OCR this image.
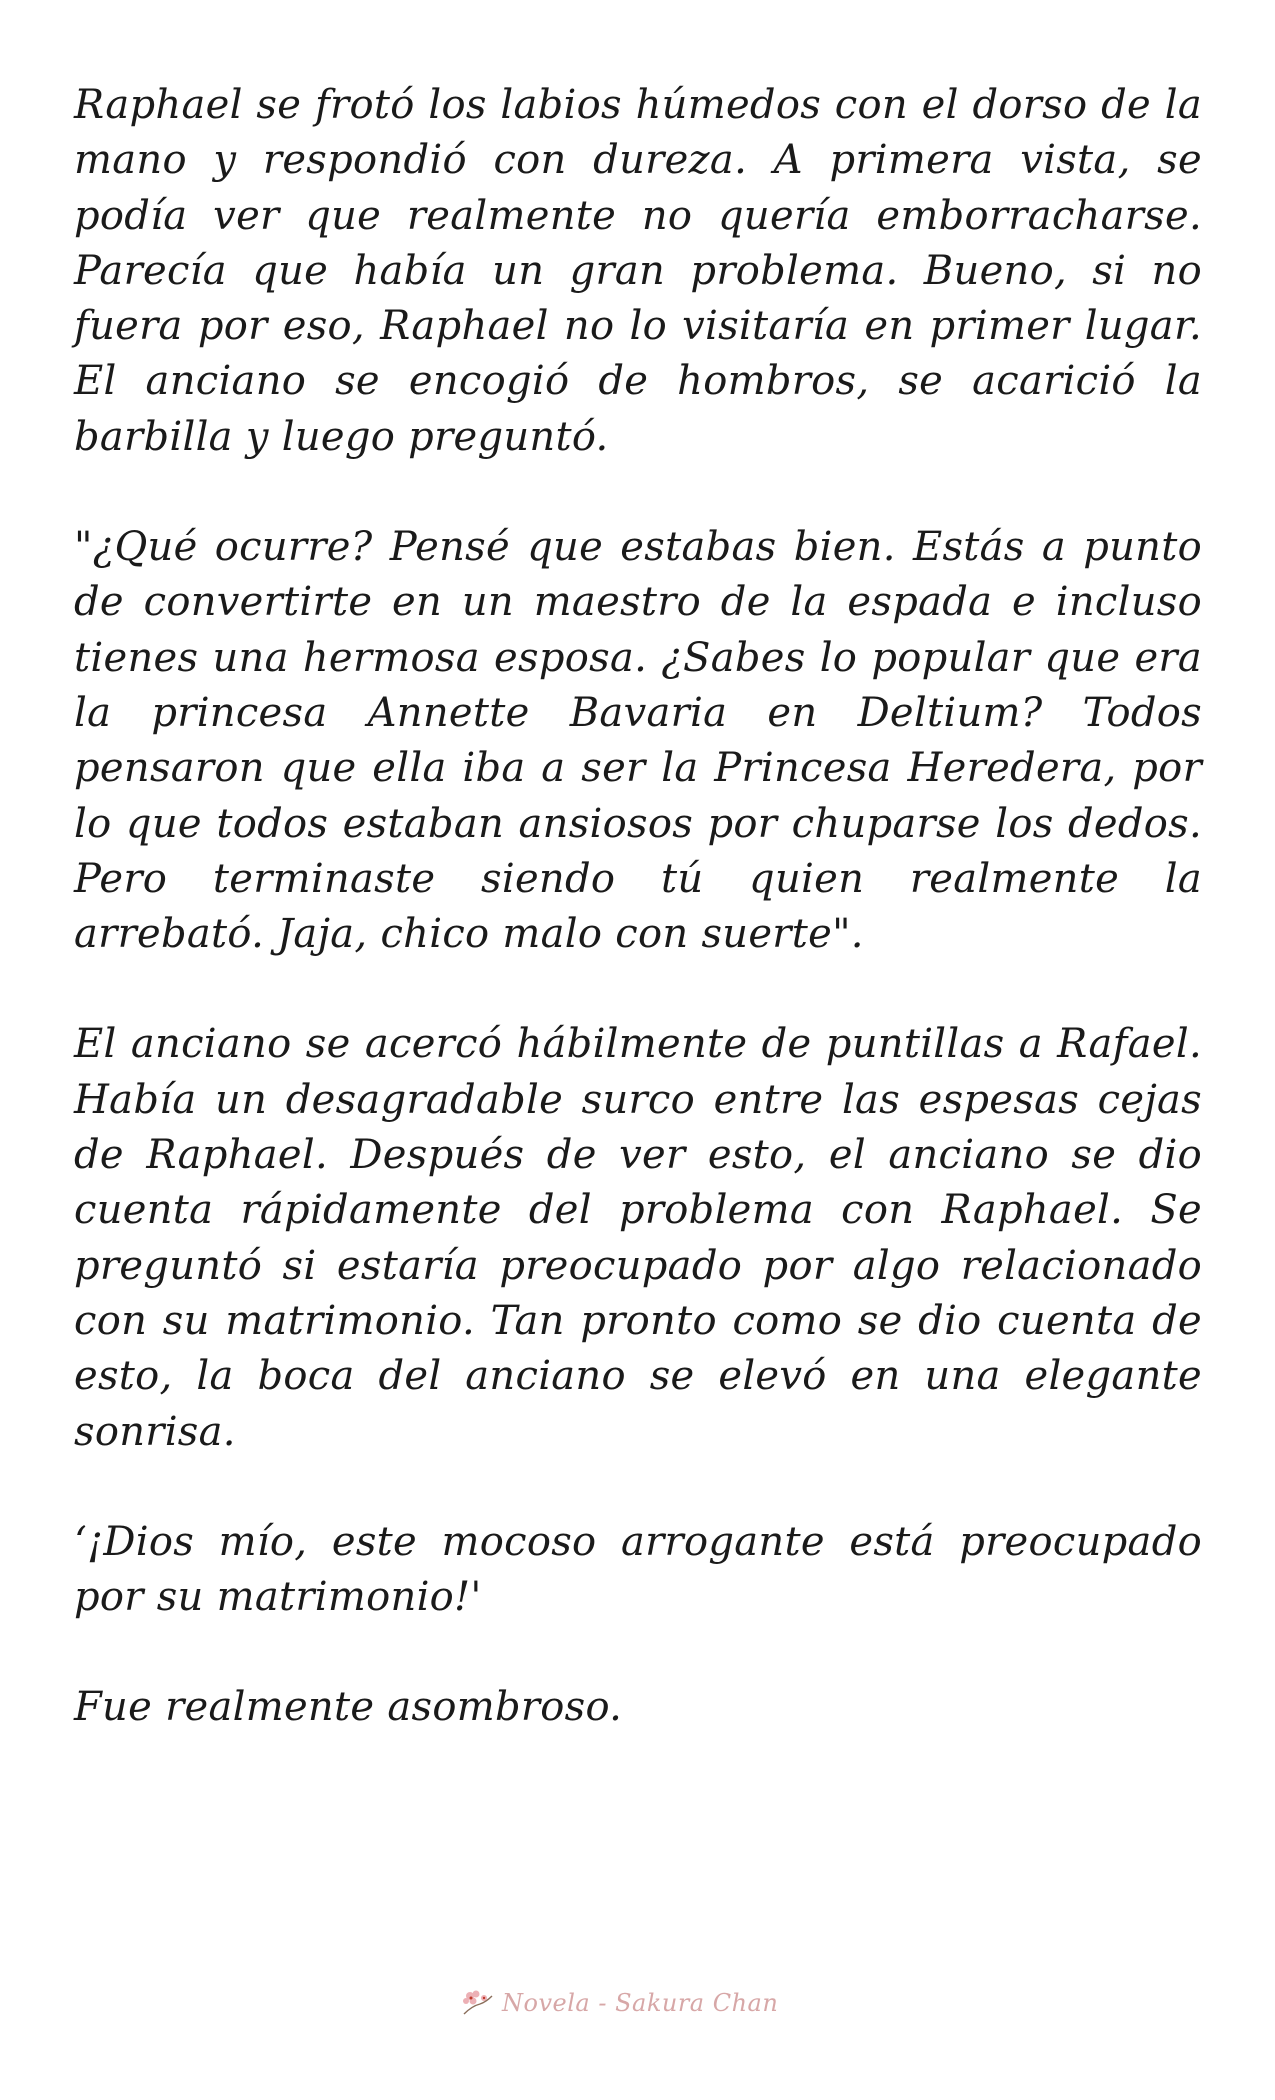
Raphael se frotó los labios húmedos con el dorso de la mano y respondió con dureza. A primera vista, se podía ver que realmente no quería emborracharse. Parecía que había un gran problema. Bueno, si no fuera por eso, Raphael no lo visitaría en primer lugar. El anciano se encogió de hombros, se acarició la barbilla y luego preguntó.

"¿Qué ocurre? Pensé que estabas bien. Estás a punto de convertirte en un maestro de la espada e incluso tienes una hermosa esposa. ¿Sabes lo popular que era la princesa Annette Bavaria en Deltium? Todos pensaron que ella iba a ser la Princesa Heredera, por lo que todos estaban ansiosos por chuparse los dedos. Pero terminaste siendo tú quien realmente la arrebató. Jaja, chico malo con suerte".

El anciano se acercó hábilmente de puntillas a Rafael. Había un desagradable surco entre las espesas cejas de Raphael. Después de ver esto, el anciano se dio cuenta rápidamente del problema con Raphael. Se preguntó si estaría preocupado por algo relacionado con su matrimonio. Tan pronto como se dio cuenta de esto, la boca del anciano se elevó en una elegante sonrisa.

‘¡Dios mío, este mocoso arrogante está preocupado por su matrimonio!'

Fue realmente asombroso.

Novela - Sakura Chan
